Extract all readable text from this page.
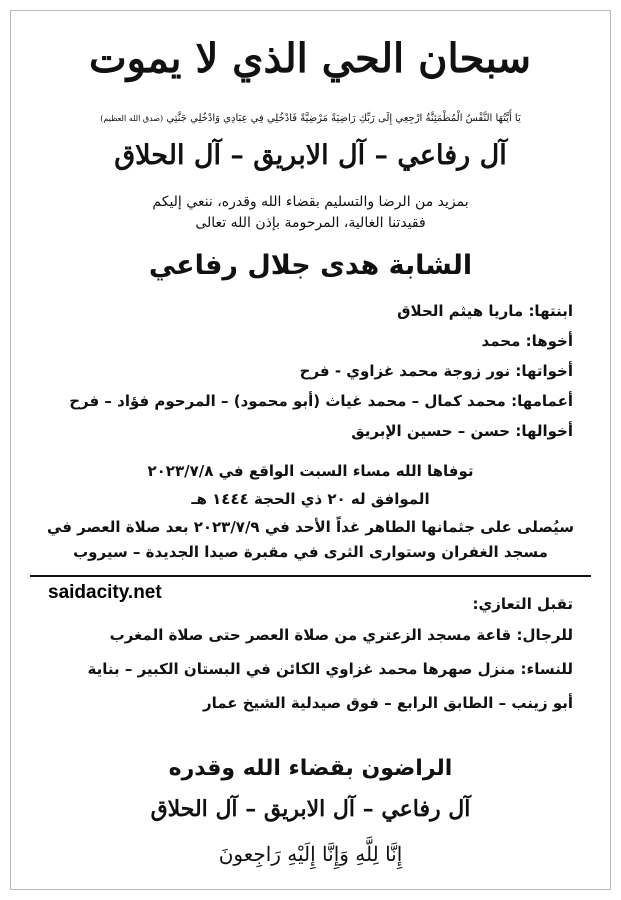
سبحان الحي الذي لا يموت
يَا أَيَّتُهَا النَّفْسُ الْمُطْمَئِنَّةُ ارْجِعِي إِلَى رَبِّكِ رَاضِيَةً مَرْضِيَّةً فَادْخُلِي فِي عِبَادِي وَادْخُلِي جَنَّتِي (صدق الله العظيم)
آل رفاعي – آل الابريق – آل الحلاق
بمزيد من الرضا والتسليم بقضاء الله وقدره، ننعي إليكم
فقيدتنا الغالية، المرحومة بإذن الله تعالى
الشابة هدى جلال رفاعي
ابنتها: ماريا هيثم الحلاق
أخوها: محمد
أخواتها: نور زوجة محمد غزاوي - فرح
أعمامها: محمد كمال – محمد غياث (أبو محمود) – المرحوم فؤاد – فرح
أخوالها: حسن – حسين الإبريق
توفاها الله مساء السبت الواقع في ٢٠٢٣/٧/٨
الموافق له ٢٠ ذي الحجة ١٤٤٤ هـ
سيُصلى على جثمانها الطاهر غداً الأحد في ٢٠٢٣/٧/٩ بعد صلاة العصر في
مسجد الغفران وستوارى الثرى في مقبرة صيدا الجديدة – سيروب
saidacity.net
تقبل التعازي:
للرجال: قاعة مسجد الزعتري من صلاة العصر حتى صلاة المغرب
للنساء: منزل صهرها محمد غزاوي الكائن في البستان الكبير – بناية
أبو زينب – الطابق الرابع – فوق صيدلية الشيخ عمار
الراضون بقضاء الله وقدره
آل رفاعي – آل الابريق – آل الحلاق
إِنَّا لِلَّهِ وَإِنَّا إِلَيْهِ رَاجِعونَ
